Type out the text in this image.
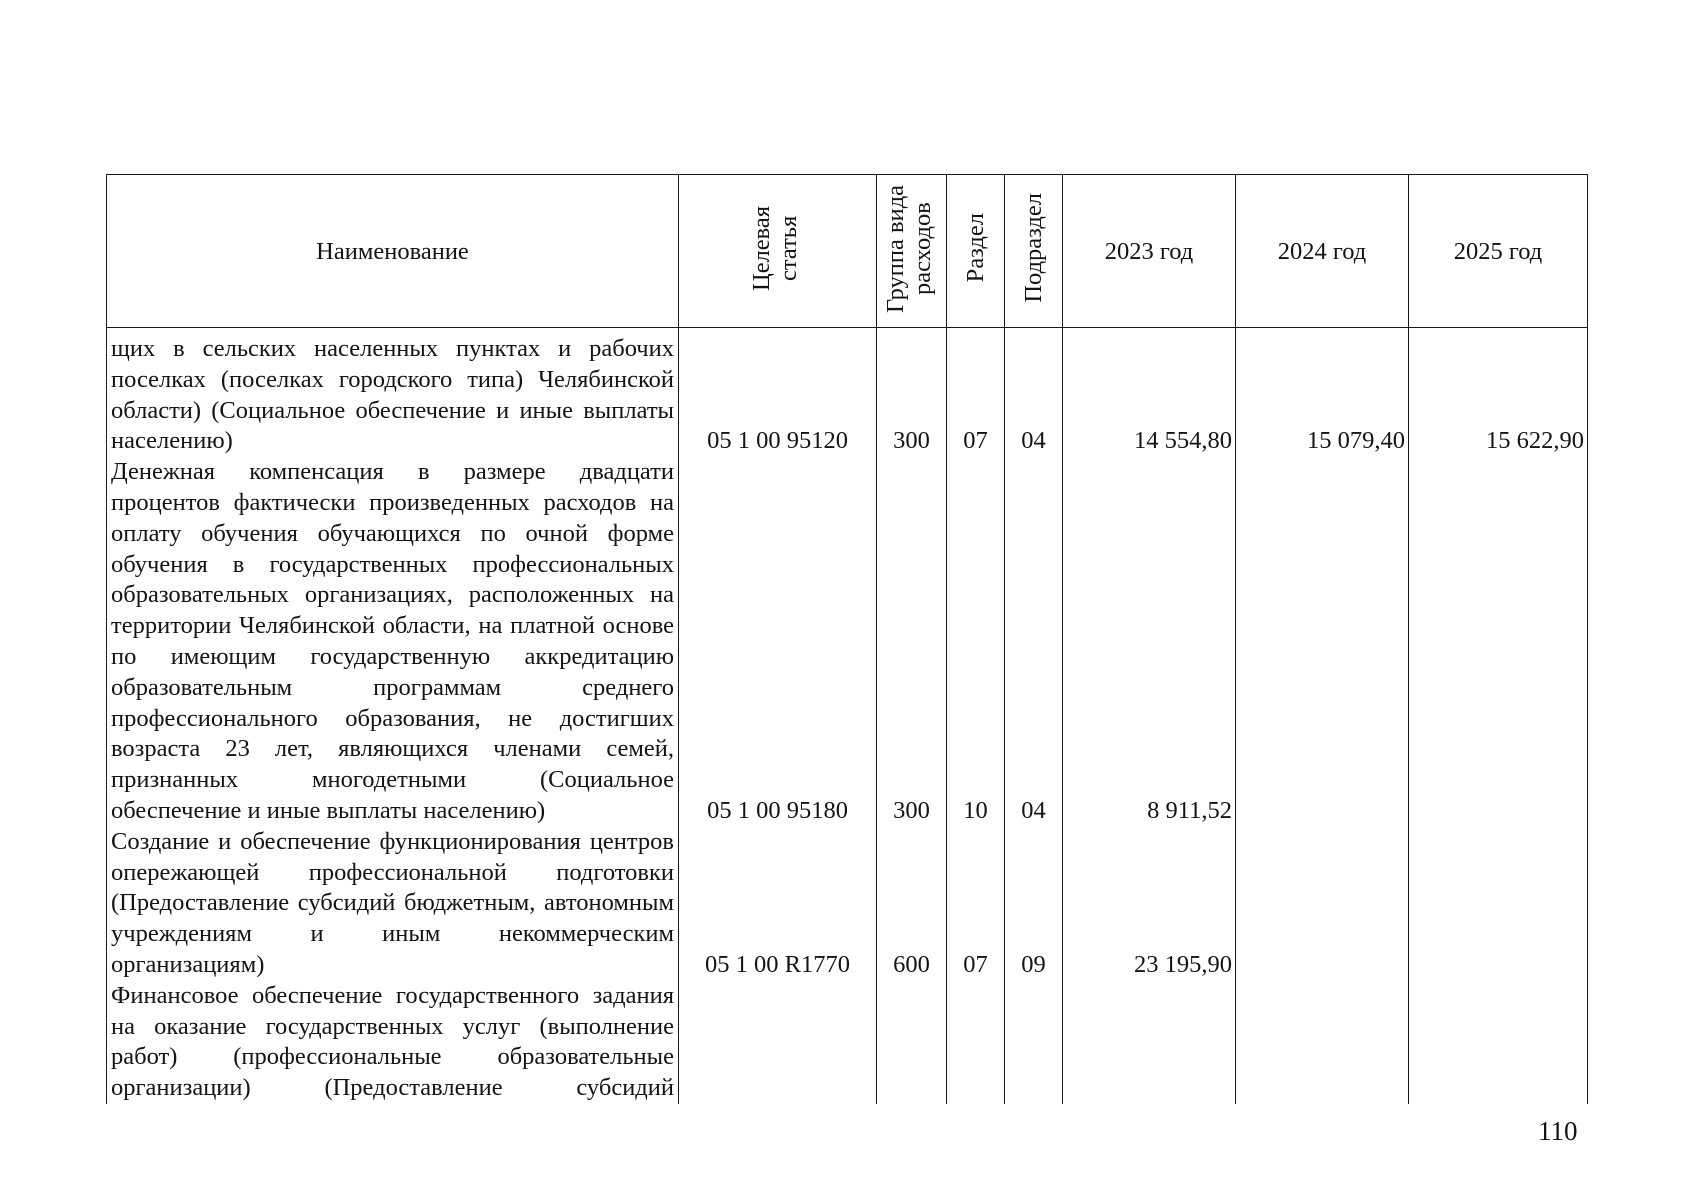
Наименование	Целевая статья	Группа вида расходов	Раздел	Подраздел	2023 год	2024 год	2025 год
щих в сельских населенных пунктах и рабочих поселках (поселках городского типа) Челябинской области) (Социальное обеспечение и иные выплаты населению)	05 1 00 95120	300	07	04	14 554,80	15 079,40	15 622,90
Денежная компенсация в размере двадцати процентов фактически произведенных расходов на оплату обучения обучающихся по очной форме обучения в государственных профессиональных образовательных организациях, расположенных на территории Челябинской области, на платной основе по имеющим государственную аккредитацию образовательным программам среднего профессионального образования, не достигших возраста 23 лет, являющихся членами семей, признанных многодетными (Социальное обеспечение и иные выплаты населению)	05 1 00 95180	300	10	04	8 911,52		
Создание и обеспечение функционирования центров опережающей профессиональной подготовки (Предоставление субсидий бюджетным, автономным учреждениям и иным некоммерческим организациям)	05 1 00 R1770	600	07	09	23 195,90		
Финансовое обеспечение государственного задания на оказание государственных услуг (выполнение работ) (профессиональные образовательные организации) (Предоставление субсидий							
110
